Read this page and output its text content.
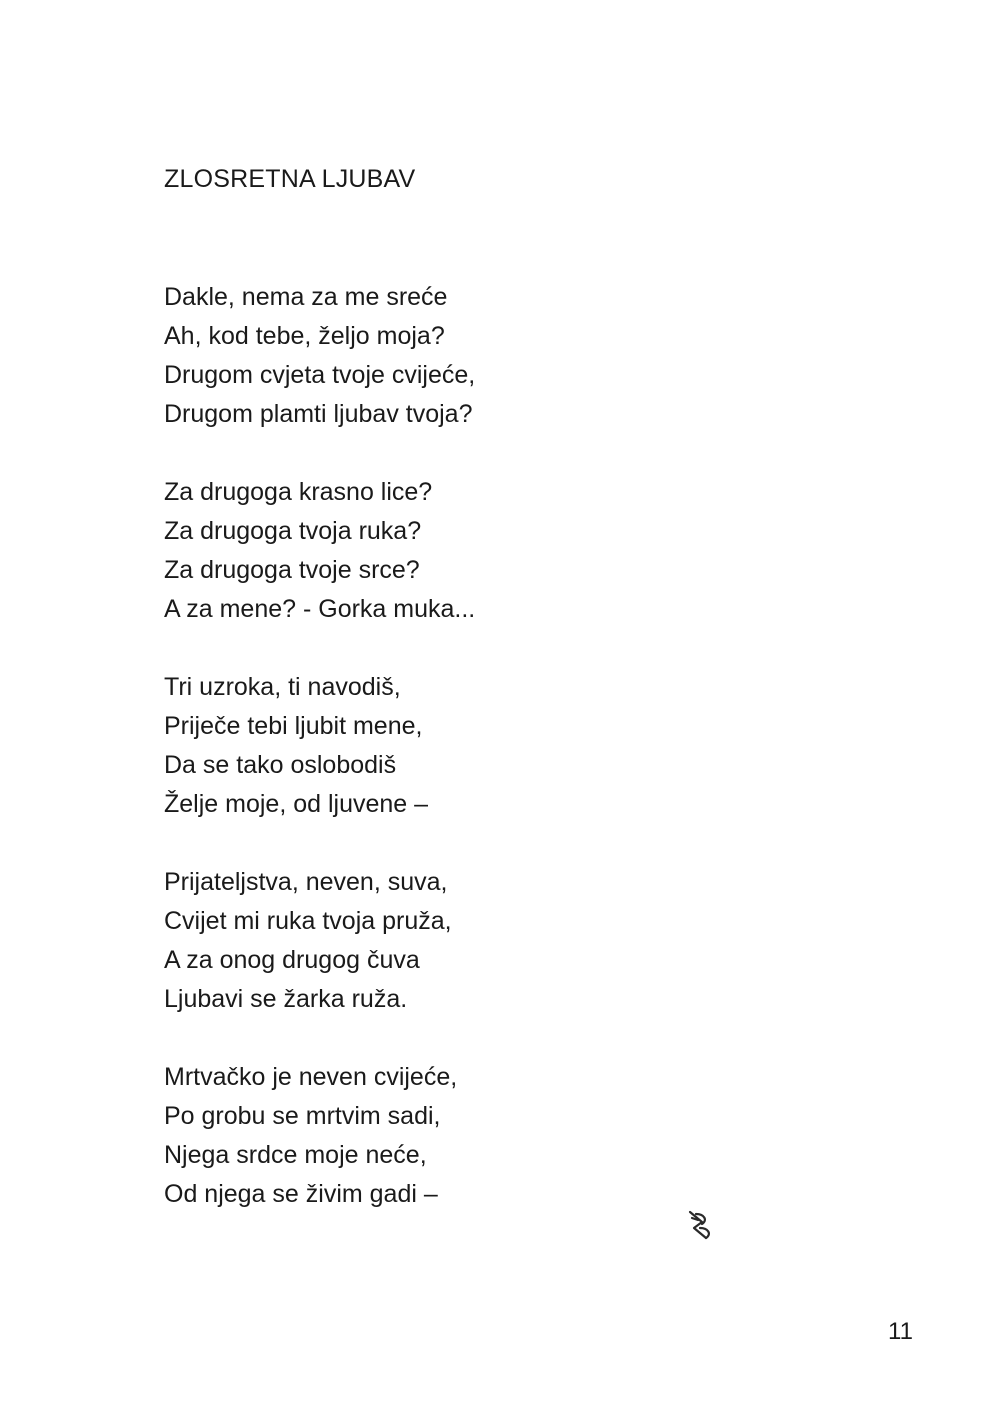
ZLOSRETNA LJUBAV
Dakle, nema za me sreće
Ah, kod tebe, željo moja?
Drugom cvjeta tvoje cvijeće,
Drugom plamti ljubav tvoja?
Za drugoga krasno lice?
Za drugoga tvoja ruka?
Za drugoga tvoje srce?
A za mene? - Gorka muka...
Tri uzroka, ti navodiš,
Priječe tebi ljubit mene,
Da se tako oslobodiš
Želje moje, od ljuvene –
Prijateljstva, neven, suva,
Cvijet mi ruka tvoja pruža,
A za onog drugog čuva
Ljubavi se žarka ruža.
Mrtvačko je neven cvijeće,
Po grobu se mrtvim sadi,
Njega srdce moje neće,
Od njega se živim gadi –
11
